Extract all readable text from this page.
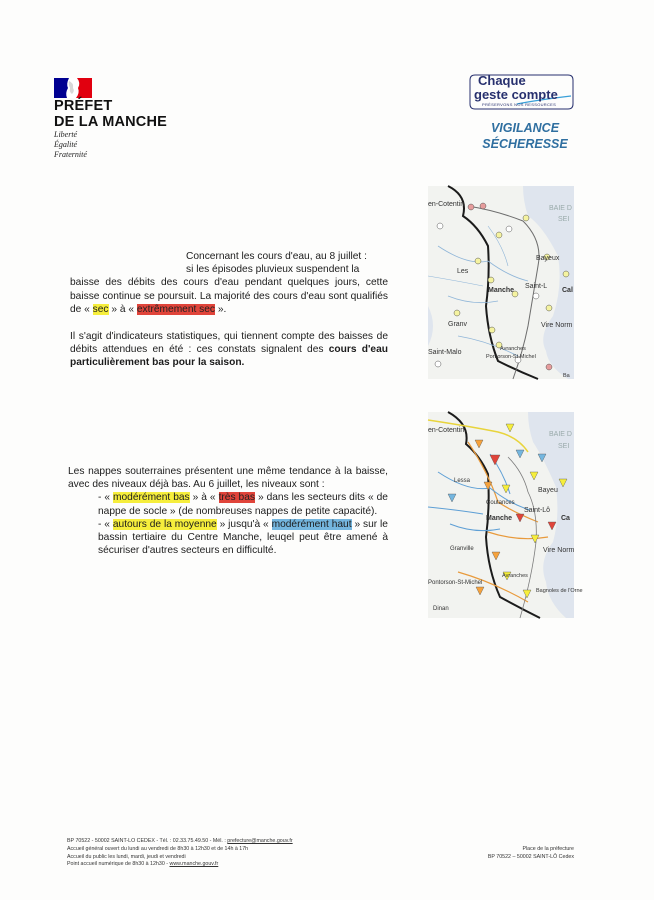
PRÉFET
DE LA MANCHE
Liberté
Égalité
Fraternité
Chaque
geste compte
PRÉSERVONS NOS RESSOURCES
VIGILANCE
SÉCHERESSE
Concernant les cours d'eau, au 8 juillet :
si les épisodes pluvieux suspendent la
baisse des débits des cours d'eau pendant quelques jours, cette baisse continue se poursuit. La majorité des cours d'eau sont qualifiés de « sec » à « extrêmement sec ».
Il s'agit d'indicateurs statistiques, qui tiennent compte des baisses de débits attendues en été : ces constats signalent des cours d'eau particulièrement bas pour la saison.
Les nappes souterraines présentent une même tendance à la baisse, avec des niveaux déjà bas. Au 6 juillet, les niveaux sont :
- « modérément bas » à « très bas » dans les secteurs dits « de nappe de socle » (de nombreuses nappes de petite capacité).
- « autours de la moyenne » jusqu'à « modérément haut » sur le bassin tertiaire du Centre Manche, leuqel peut être amené à sécuriser d'autres secteurs en difficulté.
en-Cotentin
BAIE D
SEI
Bayeux
Les
Manche
Saint-L
Cal
Granv	Vire Norm
Avranches
Pontorson-St-Michel
Saint-Malo
Ba
en-Cotentin
BAIE D
SEI
Bayeu
Lessa
Coutances
Saint-Lô
Ca
Manche
Granville	Vire Norm
Avranches
Pontorson-St-Michel
Bagnoles de l'Orne
Dinan
BP 70522 - 50002 SAINT-LO CEDEX - Tél. : 02.33.75.49.50 - Mél. : prefecture@manche.gouv.fr
Accueil général ouvert du lundi au vendredi de 8h30 à 12h30 et de 14h à 17h
Accueil du public les lundi, mardi, jeudi et vendredi
Point accueil numérique de 8h30 à 12h30 - www.manche.gouv.fr
Place de la préfecture
BP 70522 – 50002 SAINT-LÔ Cedex
